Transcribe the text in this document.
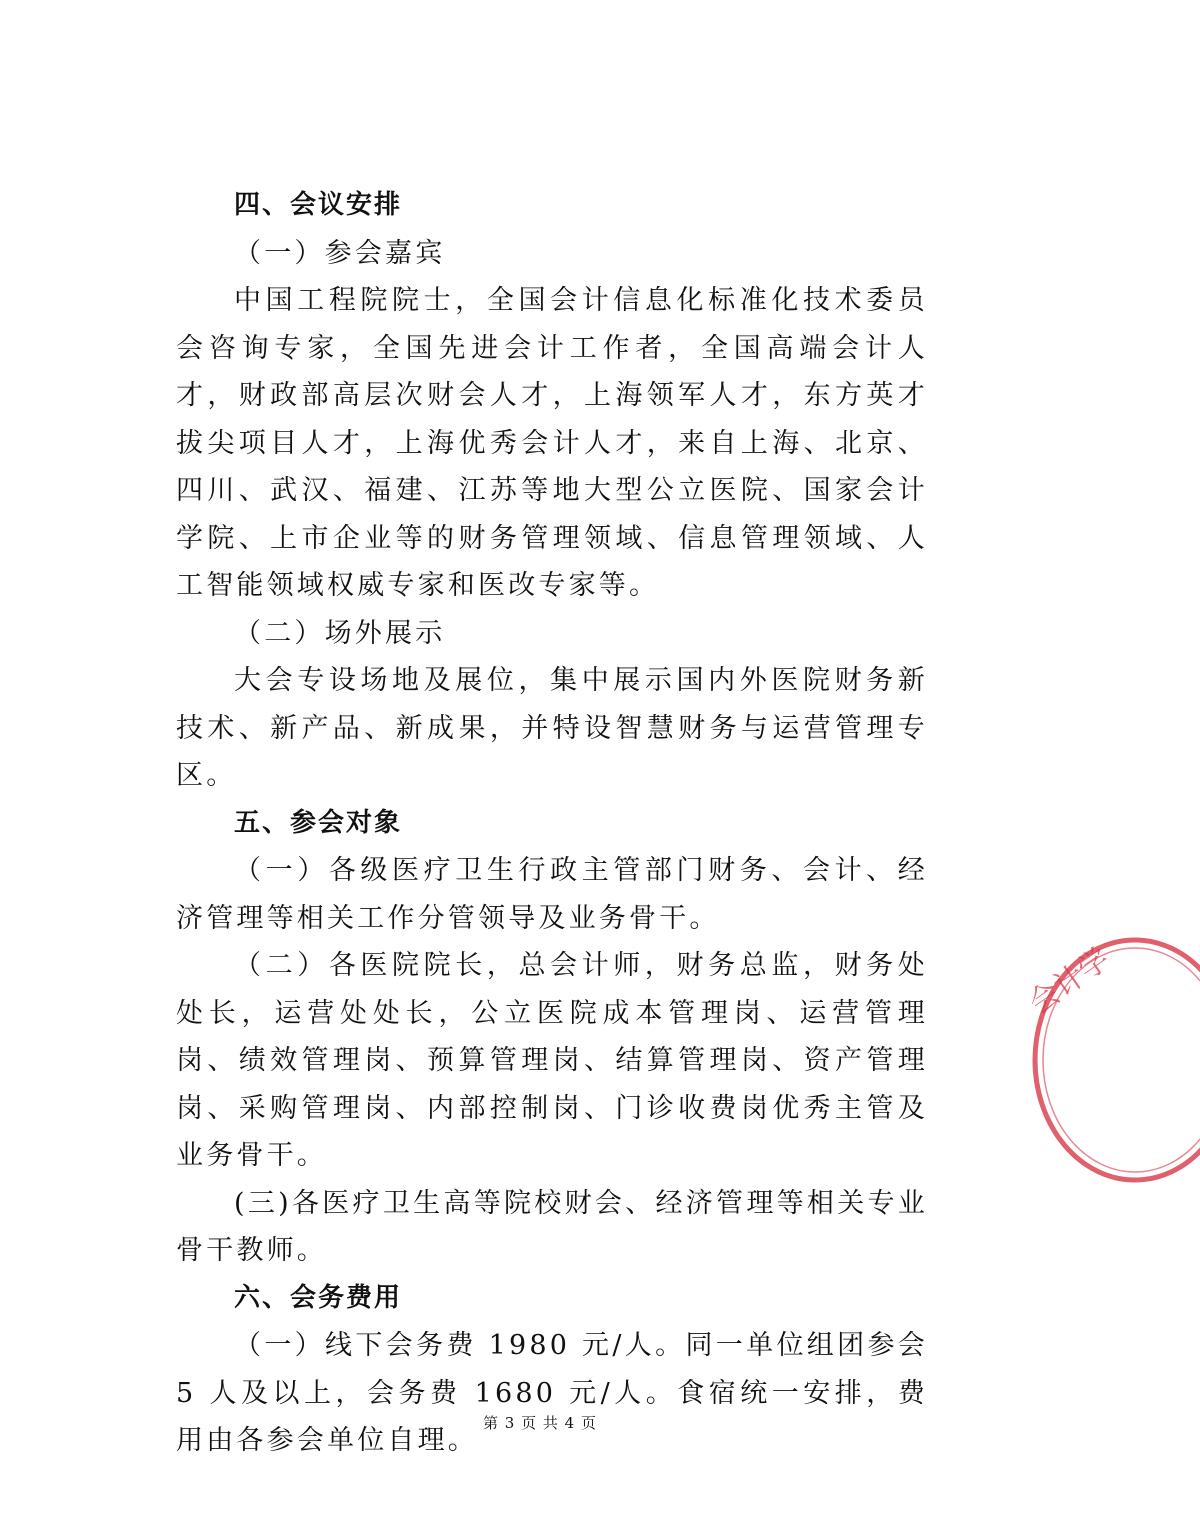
四、会议安排

（一）参会嘉宾

中国工程院院士，全国会计信息化标准化技术委员会咨询专家，全国先进会计工作者，全国高端会计人才，财政部高层次财会人才，上海领军人才，东方英才拔尖项目人才，上海优秀会计人才，来自上海、北京、四川、武汉、福建、江苏等地大型公立医院、国家会计学院、上市企业等的财务管理领域、信息管理领域、人工智能领域权威专家和医改专家等。

（二）场外展示

大会专设场地及展位，集中展示国内外医院财务新技术、新产品、新成果，并特设智慧财务与运营管理专区。

五、参会对象

（一）各级医疗卫生行政主管部门财务、会计、经济管理等相关工作分管领导及业务骨干。

（二）各医院院长，总会计师，财务总监，财务处处长，运营处处长，公立医院成本管理岗、运营管理岗、绩效管理岗、预算管理岗、结算管理岗、资产管理岗、采购管理岗、内部控制岗、门诊收费岗优秀主管及业务骨干。

(三)各医疗卫生高等院校财会、经济管理等相关专业骨干教师。

六、会务费用

（一）线下会务费 1980 元/人。同一单位组团参会 5 人及以上，会务费 1680 元/人。食宿统一安排，费用由各参会单位自理。

第 3 页 共 4 页
会计学
